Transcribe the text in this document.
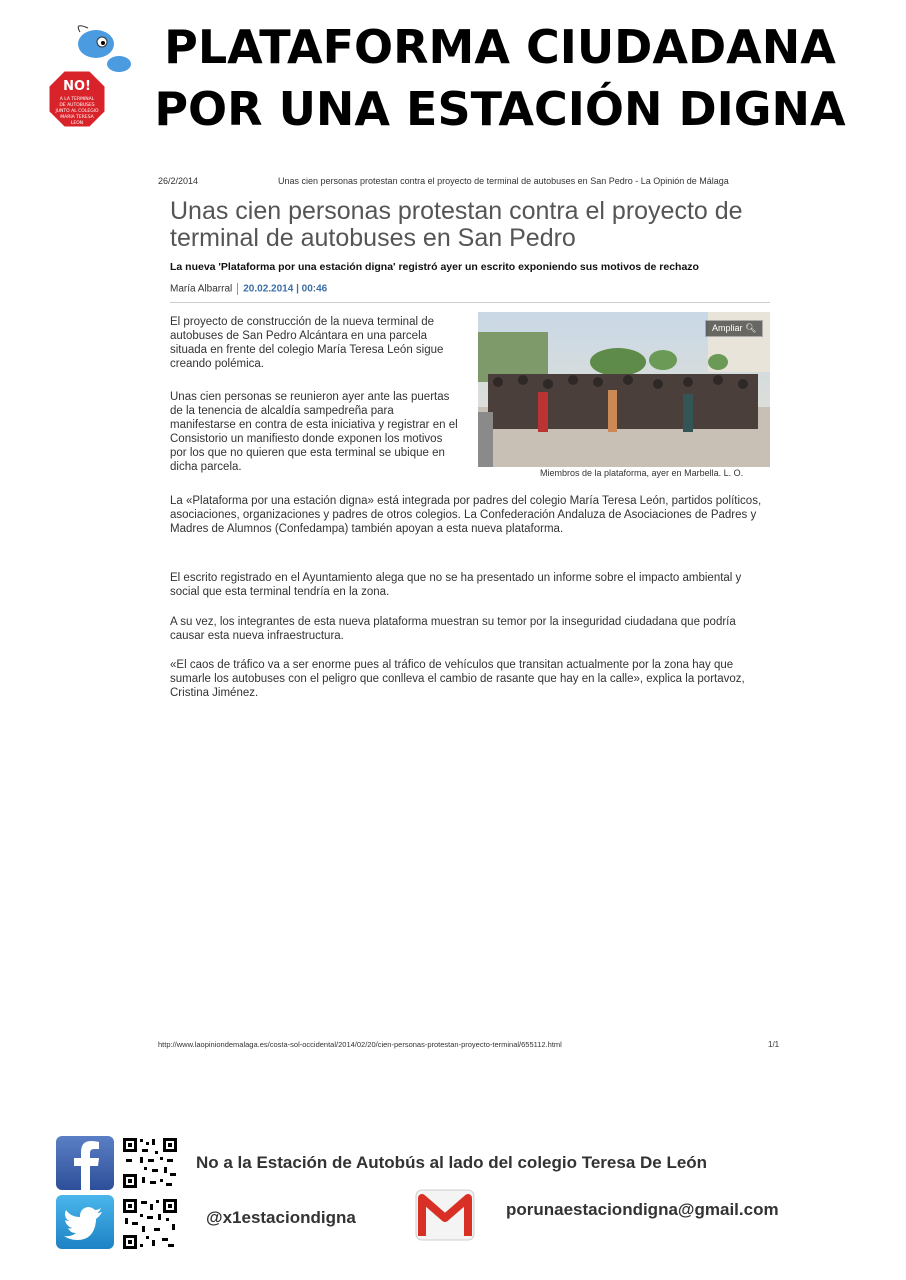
NO!
A LA TERMINAL
DE AUTOBUSES
JUNTO AL COLEGIO
MARIA TERESA
LEON
PLATAFORMA CIUDADANA
POR UNA ESTACIÓN DIGNA
26/2/2014	Unas cien personas protestan contra el proyecto de terminal de autobuses en San Pedro - La Opinión de Málaga
Unas cien personas protestan contra el proyecto de terminal de autobuses en San Pedro
La nueva 'Plataforma por una estación digna' registró ayer un escrito exponiendo sus motivos de rechazo
María Albarral 20.02.2014 | 00:46

El proyecto de construcción de la nueva terminal de autobuses de San Pedro Alcántara en una parcela situada en frente del colegio María Teresa León sigue creando polémica.

Unas cien personas se reunieron ayer ante las puertas de la tenencia de alcaldía sampedreña para manifestarse en contra de esta iniciativa y registrar en el Consistorio un manifiesto donde exponen los motivos por los que no quieren que esta terminal se ubique en dicha parcela.

Ampliar 🔍︎
Miembros de la plataforma, ayer en Marbella. L. O.

La «Plataforma por una estación digna» está integrada por padres del colegio María Teresa León, partidos políticos, asociaciones, organizaciones y padres de otros colegios. La Confederación Andaluza de Asociaciones de Padres y Madres de Alumnos (Confedampa) también apoyan a esta nueva plataforma.

El escrito registrado en el Ayuntamiento alega que no se ha presentado un informe sobre el impacto ambiental y social que esta terminal tendría en la zona.

A su vez, los integrantes de esta nueva plataforma muestran su temor por la inseguridad ciudadana que podría causar esta nueva infraestructura.

«El caos de tráfico va a ser enorme pues al tráfico de vehículos que transitan actualmente por la zona hay que sumarle los autobuses con el peligro que conlleva el cambio de rasante que hay en la calle», explica la portavoz, Cristina Jiménez.

http://www.laopiniondemalaga.es/costa-sol-occidental/2014/02/20/cien-personas-protestan-proyecto-terminal/655112.html	1/1
No a la Estación de Autobús al lado del colegio Teresa De León
@x1estaciondigna	porunaestaciondigna@gmail.com
